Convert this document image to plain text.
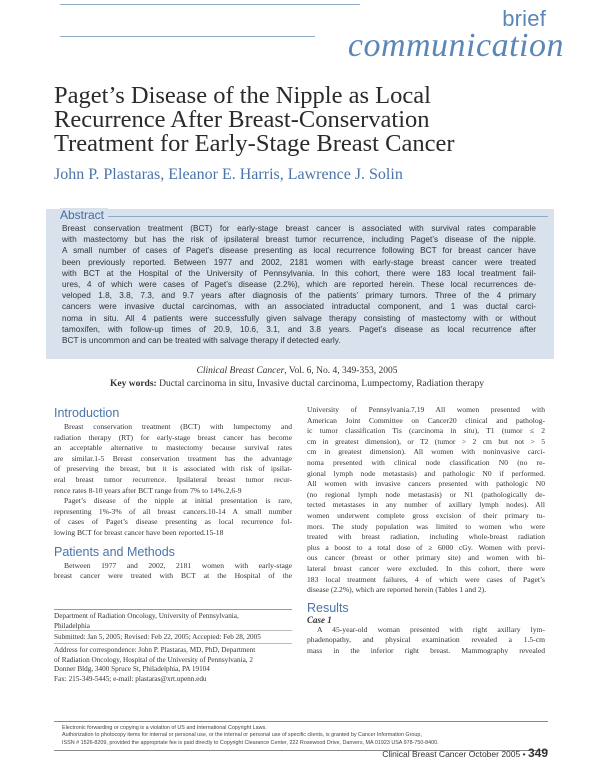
brief
communication
Paget’s Disease of the Nipple as Local
Recurrence After Breast-Conservation
Treatment for Early-Stage Breast Cancer
John P. Plastaras, Eleanor E. Harris, Lawrence J. Solin
Abstract
Breast conservation treatment (BCT) for early-stage breast cancer is associated with survival rates comparable
with mastectomy but has the risk of ipsilateral breast tumor recurrence, including Paget’s disease of the nipple.
A small number of cases of Paget’s disease presenting as local recurrence following BCT for breast cancer have
been previously reported. Between 1977 and 2002, 2181 women with early-stage breast cancer were treated
with BCT at the Hospital of the University of Pennsylvania. In this cohort, there were 183 local treatment fail-
ures, 4 of which were cases of Paget’s disease (2.2%), which are reported herein. These local recurrences de-
veloped 1.8, 3.8, 7.3, and 9.7 years after diagnosis of the patients’ primary tumors. Three of the 4 primary
cancers were invasive ductal carcinomas, with an associated intraductal component, and 1 was ductal carci-
noma in situ. All 4 patients were successfully given salvage therapy consisting of mastectomy with or without
tamoxifen, with follow-up times of 20.9, 10.6, 3.1, and 3.8 years. Paget’s disease as local recurrence after
BCT is uncommon and can be treated with salvage therapy if detected early.
Clinical Breast Cancer, Vol. 6, No. 4, 349-353, 2005
Key words: Ductal carcinoma in situ, Invasive ductal carcinoma, Lumpectomy, Radiation therapy
Introduction
Breast conservation treatment (BCT) with lumpectomy and
radiation therapy (RT) for early-stage breast cancer has become
an acceptable alternative to mastectomy because survival rates
are similar.1-5 Breast conservation treatment has the advantage
of preserving the breast, but it is associated with risk of ipsilat-
eral breast tumor recurrence. Ipsilateral breast tumor recur-
rence rates 8-10 years after BCT range from 7% to 14%.2,6-9
Paget’s disease of the nipple at initial presentation is rare,
representing 1%-3% of all breast cancers.10-14 A small number
of cases of Paget’s disease presenting as local recurrence fol-
lowing BCT for breast cancer have been reported.15-18
Patients and Methods
Between 1977 and 2002, 2181 women with early-stage
breast cancer were treated with BCT at the Hospital of the
Department of Radiation Oncology, University of Pennsylvania,
Philadelphia
Submitted: Jan 5, 2005; Revised: Feb 22, 2005; Accepted: Feb 28, 2005
Address for correspondence: John P. Plastaras, MD, PhD, Department
of Radiation Oncology, Hospital of the University of Pennsylvania, 2
Donner Bldg, 3400 Spruce St, Philadelphia, PA 19104
Fax: 215-349-5445; e-mail: plastaras@xrt.upenn.edu
University of Pennsylvania.7,19 All women presented with
American Joint Committee on Cancer20 clinical and patholog-
ic tumor classification Tis (carcinoma in situ), T1 (tumor ≤ 2
cm in greatest dimension), or T2 (tumor > 2 cm but not > 5
cm in greatest dimension). All women with noninvasive carci-
noma presented with clinical node classification N0 (no re-
gional lymph node metastasis) and pathologic N0 if performed.
All women with invasive cancers presented with pathologic N0
(no regional lymph node metastasis) or N1 (pathologically de-
tected metastases in any number of axillary lymph nodes). All
women underwent complete gross excision of their primary tu-
mors. The study population was limited to women who were
treated with breast radiation, including whole-breast radiation
plus a boost to a total dose of ≥ 6000 cGy. Women with previ-
ous cancer (breast or other primary site) and women with bi-
lateral breast cancer were excluded. In this cohort, there were
183 local treatment failures, 4 of which were cases of Paget’s
disease (2.2%), which are reported herein (Tables 1 and 2).
Results
Case 1
A 45-year-old woman presented with right axillary lym-
phadenopathy, and physical examination revealed a 1.5-cm
mass in the inferior right breast. Mammography revealed
Electronic forwarding or copying is a violation of US and International Copyright Laws.
Authorization to photocopy items for internal or personal use, or the internal or personal use of specific clients, is granted by Cancer Information Group,
ISSN # 1526-8209, provided the appropriate fee is paid directly to Copyright Clearance Center, 222 Rosewood Drive, Danvers, MA 01923 USA 978-750-8400.
Clinical Breast Cancer October 2005 • 349
